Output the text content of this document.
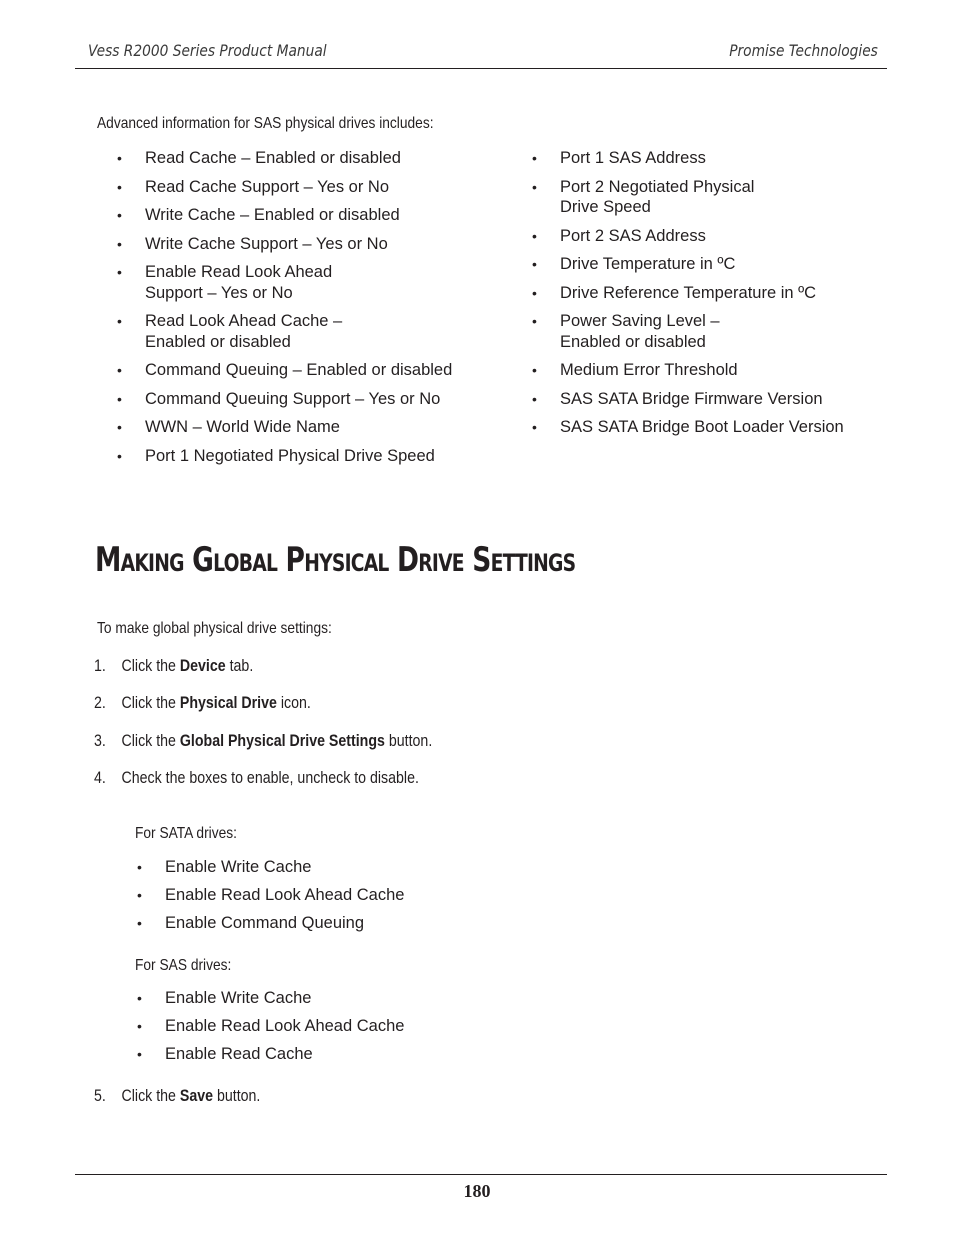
Vess R2000 Series Product Manual	Promise Technologies
Advanced information for SAS physical drives includes:
• Read Cache – Enabled or disabled
• Read Cache Support – Yes or No
• Write Cache – Enabled or disabled
• Write Cache Support – Yes or No
• Enable Read Look Ahead
Support – Yes or No
• Read Look Ahead Cache –
Enabled or disabled
• Command Queuing – Enabled or disabled
• Command Queuing Support – Yes or No
• WWN – World Wide Name
• Port 1 Negotiated Physical Drive Speed
• Port 1 SAS Address
• Port 2 Negotiated Physical
Drive Speed
• Port 2 SAS Address
• Drive Temperature in ºC
• Drive Reference Temperature in ºC
• Power Saving Level –
Enabled or disabled
• Medium Error Threshold
• SAS SATA Bridge Firmware Version
• SAS SATA Bridge Boot Loader Version
Making Global Physical Drive Settings
To make global physical drive settings:
1. Click the Device tab.
2. Click the Physical Drive icon.
3. Click the Global Physical Drive Settings button.
4. Check the boxes to enable, uncheck to disable.
For SATA drives:
• Enable Write Cache
• Enable Read Look Ahead Cache
• Enable Command Queuing
For SAS drives:
• Enable Write Cache
• Enable Read Look Ahead Cache
• Enable Read Cache
5. Click the Save button.
180
